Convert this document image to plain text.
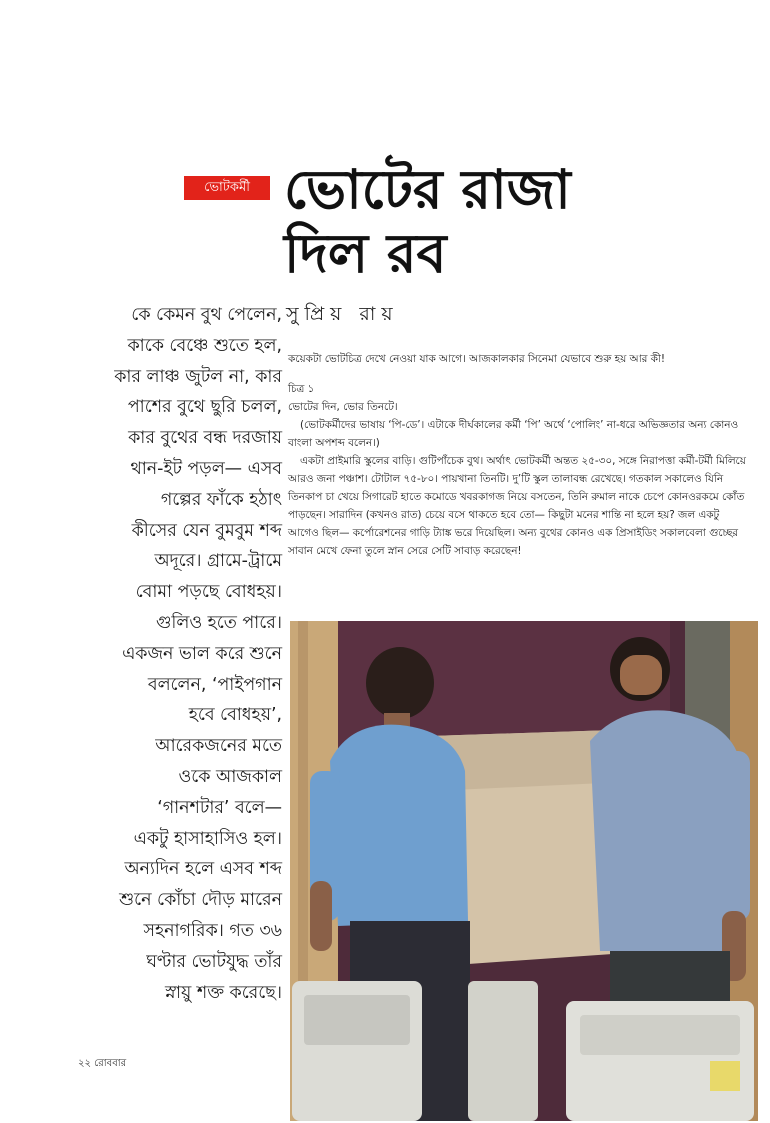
ভোটকর্মী ভোটের রাজা
দিল রব
সুপ্রিয় রায়
কে কেমন বুথ পেলেন,
কাকে বেঞ্চে শুতে হল,
কার লাঞ্চ জুটল না, কার
পাশের বুথে ছুরি চলল,
কার বুথের বন্ধ দরজায়
থান-ইট পড়ল— এসব
গল্পের ফাঁকে হঠাৎ
কীসের যেন বুমবুম শব্দ
অদূরে। গ্রামে-ট্রামে
বোমা পড়ছে বোধহয়।
গুলিও হতে পারে।
একজন ভাল করে শুনে
বললেন, ‘পাইপগান
হবে বোধহয়’,
আরেকজনের মতে
ওকে আজকাল
‘গানশটার’ বলে—
একটু হাসাহাসিও হল।
অন্যদিন হলে এসব শব্দ
শুনে কোঁচা দৌড় মারেন
সহনাগরিক। গত ৩৬
ঘণ্টার ভোটযুদ্ধ তাঁর
স্নায়ু শক্ত করেছে।

কয়েকটা ভোটচিত্র দেখে নেওয়া যাক আগে। আজকালকার সিনেমা যেভাবে শুরু হয় আর কী!

চিত্র ১

ভোটের দিন, ভোর তিনটে।

(ভোটকর্মীদের ভাষায় ‘পি-ডে’। এটাকে দীর্ঘকালের কর্মী ‘পি’ অর্থে ‘পোলিং’ না-ধরে অভিজ্ঞতার অন্য কোনও বাংলা অপশব্দ বলেন।)

একটা প্রাইমারি স্কুলের বাড়ি। গুটিপাঁচেক বুথ। অর্থাৎ ভোটকর্মী অন্তত ২৫-৩০, সঙ্গে নিরাপত্তা কর্মী-টর্মী মিলিয়ে আরও জনা পঞ্চাশ। টোটাল ৭৫-৮০। পায়খানা তিনটি। দু’টি স্কুল তালাবন্ধ রেখেছে। গতকাল সকালেও যিনি তিনকাপ চা খেয়ে সিগারেট হাতে কমোডে খবরকাগজ নিয়ে বসতেন, তিনি রুমাল নাকে চেপে কোনওরকমে কোঁত পাড়ছেন। সারাদিন (কখনও রাত) চেয়ে বসে থাকতে হবে তো— কিছুটা মনের শান্তি না হলে হয়? জল একটু আগেও ছিল— কর্পোরেশনের গাড়ি ট্যাঙ্ক ভরে দিয়েছিল। অন্য বুথের কোনও এক প্রিসাইডিং সকালবেলা গুচ্ছের সাবান মেখে ফেনা তুলে স্নান সেরে সেটি সাবাড় করেছেন!

২২ রোববার
